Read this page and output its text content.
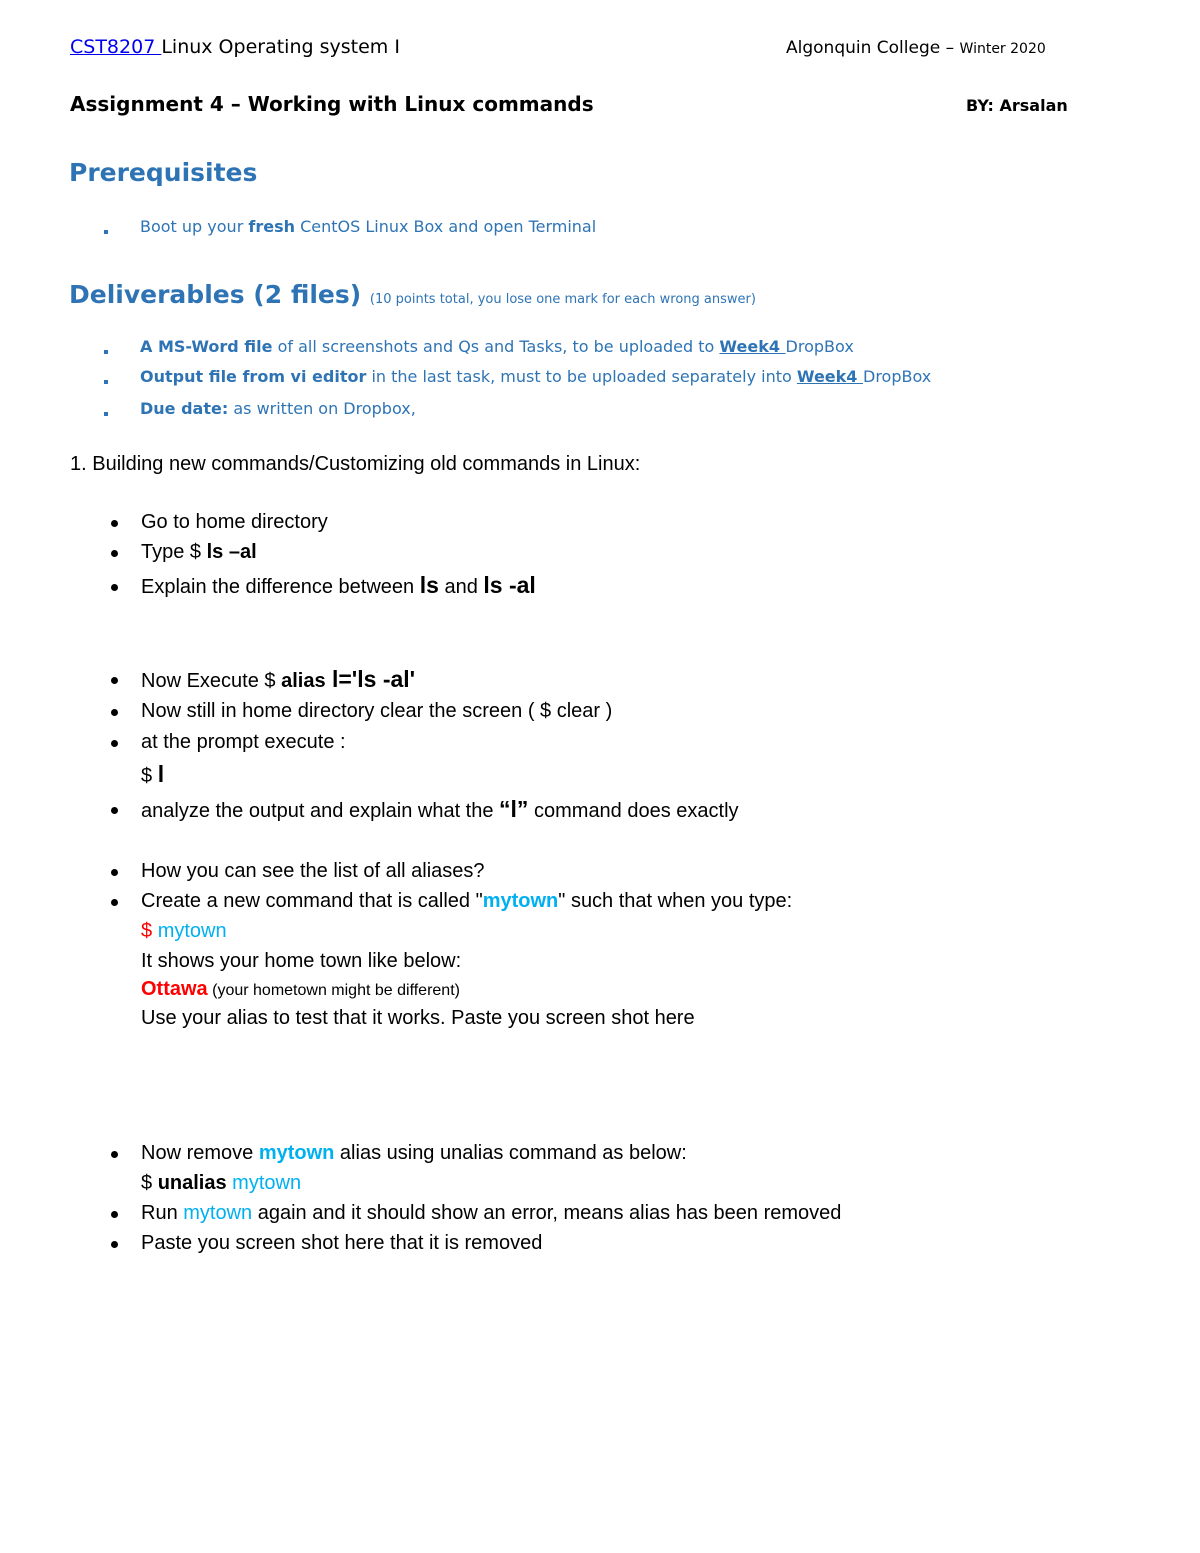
CST8207 Linux Operating system I	Algonquin College – Winter 2020
Assignment 4 – Working with Linux commands	BY: Arsalan
Prerequisites
Boot up your fresh CentOS Linux Box and open Terminal
Deliverables (2 files) (10 points total, you lose one mark for each wrong answer)
A MS-Word file of all screenshots and Qs and Tasks, to be uploaded to Week4 DropBox
Output file from vi editor in the last task, must to be uploaded separately into Week4 DropBox
Due date: as written on Dropbox,
1. Building new commands/Customizing old commands in Linux:
Go to home directory
Type $ ls –al
Explain the difference between ls and ls -al
Now Execute $ alias l='ls -al'
Now still in home directory clear the screen ( $ clear )
at the prompt execute :
$ l
analyze the output and explain what the “l” command does exactly
How you can see the list of all aliases?
Create a new command that is called "mytown" such that when you type:
$ mytown
It shows your home town like below:
Ottawa (your hometown might be different)
Use your alias to test that it works. Paste you screen shot here
Now remove mytown alias using unalias command as below:
$ unalias mytown
Run mytown again and it should show an error, means alias has been removed
Paste you screen shot here that it is removed
